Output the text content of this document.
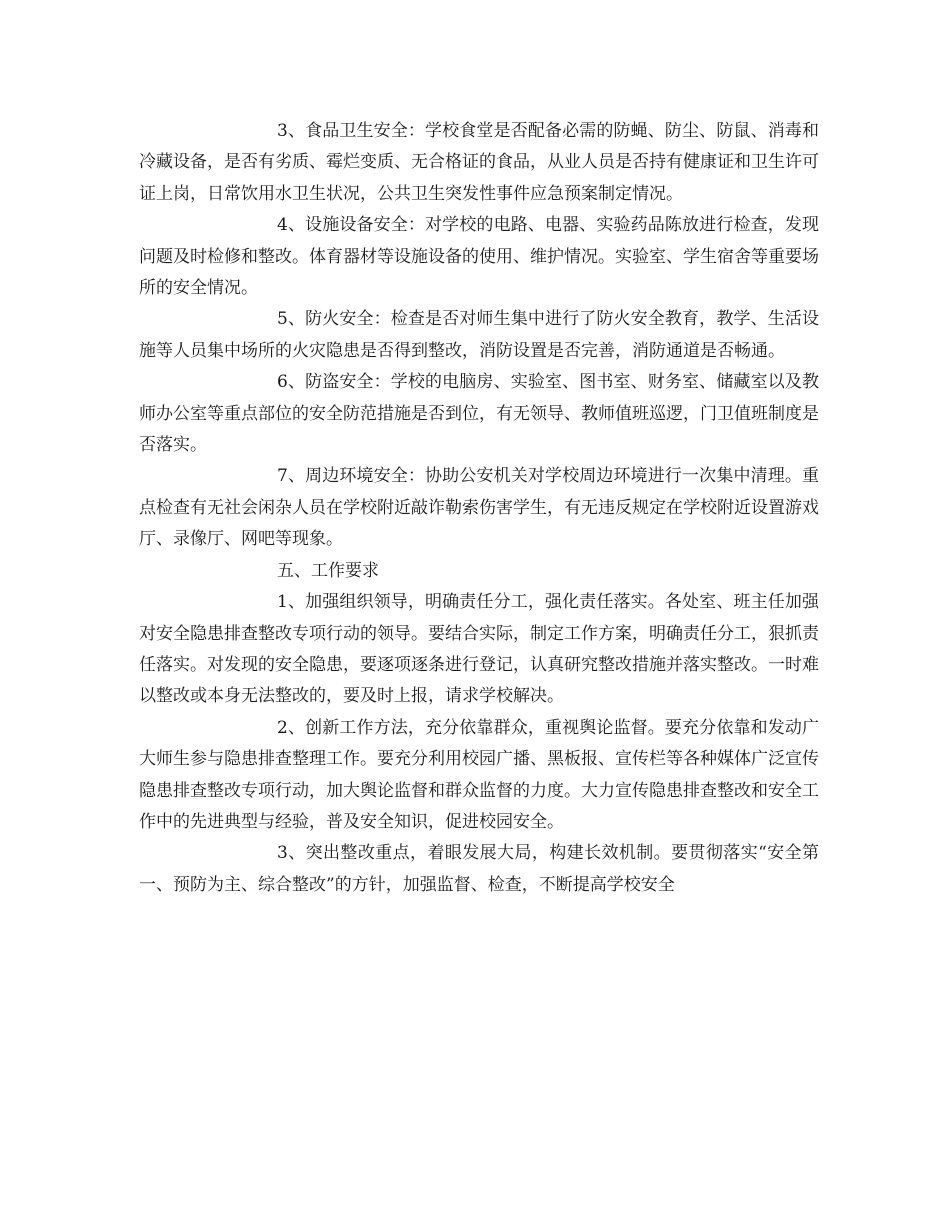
3、食品卫生安全：学校食堂是否配备必需的防蝇、防尘、防鼠、消毒和冷藏设备，是否有劣质、霉烂变质、无合格证的食品，从业人员是否持有健康证和卫生许可证上岗，日常饮用水卫生状况，公共卫生突发性事件应急预案制定情况。

4、设施设备安全：对学校的电路、电器、实验药品陈放进行检查，发现问题及时检修和整改。体育器材等设施设备的使用、维护情况。实验室、学生宿舍等重要场所的安全情况。

5、防火安全：检查是否对师生集中进行了防火安全教育，教学、生活设施等人员集中场所的火灾隐患是否得到整改，消防设置是否完善，消防通道是否畅通。

6、防盗安全：学校的电脑房、实验室、图书室、财务室、储藏室以及教师办公室等重点部位的安全防范措施是否到位，有无领导、教师值班巡逻，门卫值班制度是否落实。

7、周边环境安全：协助公安机关对学校周边环境进行一次集中清理。重点检查有无社会闲杂人员在学校附近敲诈勒索伤害学生，有无违反规定在学校附近设置游戏厅、录像厅、网吧等现象。

五、工作要求

1、加强组织领导，明确责任分工，强化责任落实。各处室、班主任加强对安全隐患排查整改专项行动的领导。要结合实际，制定工作方案，明确责任分工，狠抓责任落实。对发现的安全隐患，要逐项逐条进行登记，认真研究整改措施并落实整改。一时难以整改或本身无法整改的，要及时上报，请求学校解决。

2、创新工作方法，充分依靠群众，重视舆论监督。要充分依靠和发动广大师生参与隐患排查整理工作。要充分利用校园广播、黑板报、宣传栏等各种媒体广泛宣传隐患排查整改专项行动，加大舆论监督和群众监督的力度。大力宣传隐患排查整改和安全工作中的先进典型与经验，普及安全知识，促进校园安全。

3、突出整改重点，着眼发展大局，构建长效机制。要贯彻落实“安全第一、预防为主、综合整改”的方针，加强监督、检查，不断提高学校安全
